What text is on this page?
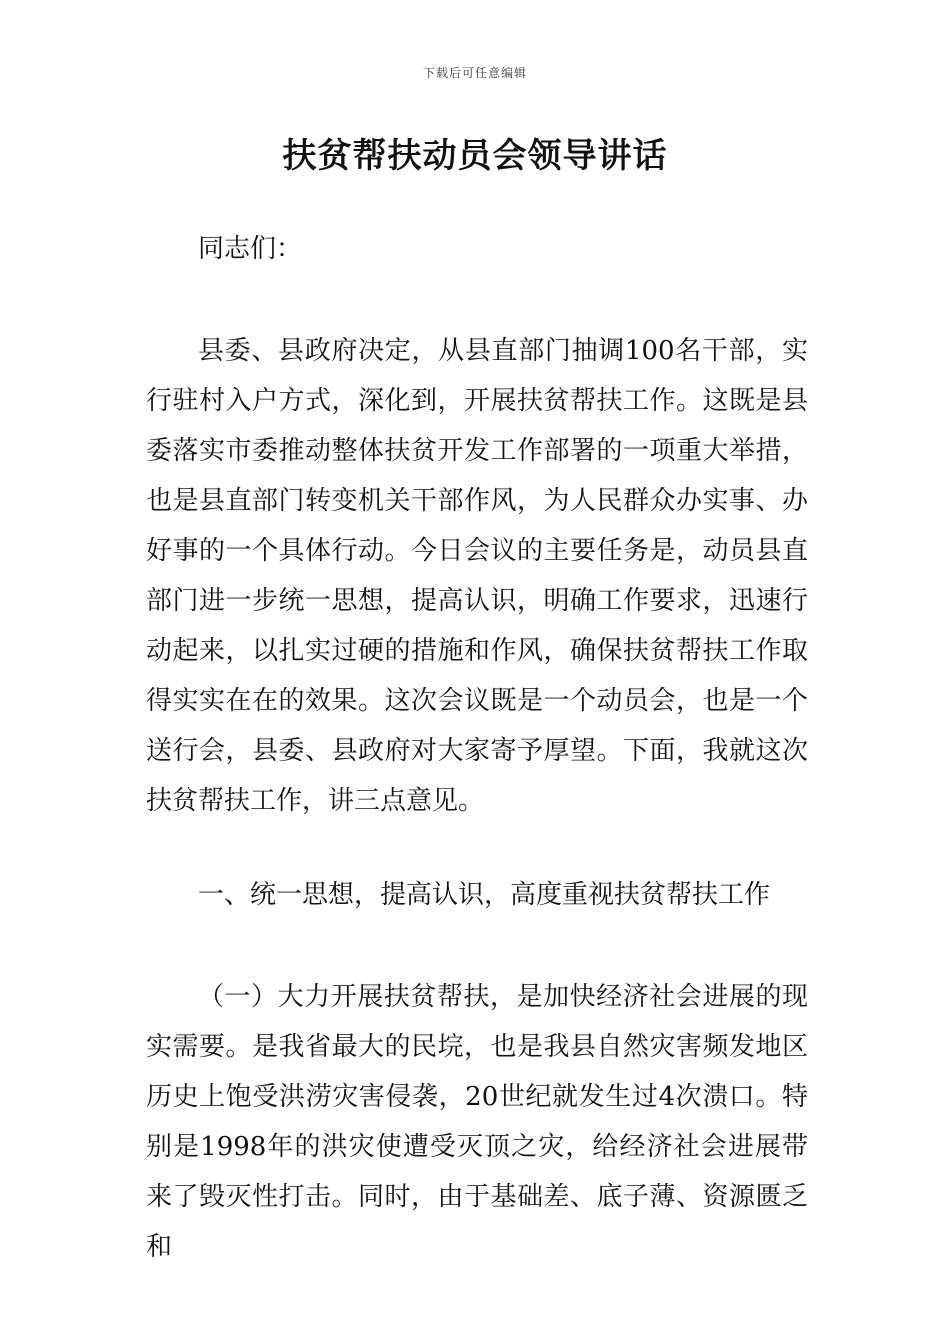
下载后可任意编辑
扶贫帮扶动员会领导讲话

同志们：

县委、县政府决定，从县直部门抽调100名干部，实行驻村入户方式，深化到，开展扶贫帮扶工作。这既是县委落实市委推动整体扶贫开发工作部署的一项重大举措，也是县直部门转变机关干部作风，为人民群众办实事、办好事的一个具体行动。今日会议的主要任务是，动员县直部门进一步统一思想，提高认识，明确工作要求，迅速行动起来，以扎实过硬的措施和作风，确保扶贫帮扶工作取得实实在在的效果。这次会议既是一个动员会，也是一个送行会，县委、县政府对大家寄予厚望。下面，我就这次扶贫帮扶工作，讲三点意见。

一、统一思想，提高认识，高度重视扶贫帮扶工作

（一）大力开展扶贫帮扶，是加快经济社会进展的现实需要。是我省最大的民垸，也是我县自然灾害频发地区历史上饱受洪涝灾害侵袭，20世纪就发生过4次溃口。特别是1998年的洪灾使遭受灭顶之灾，给经济社会进展带来了毁灭性打击。同时，由于基础差、底子薄、资源匮乏和
